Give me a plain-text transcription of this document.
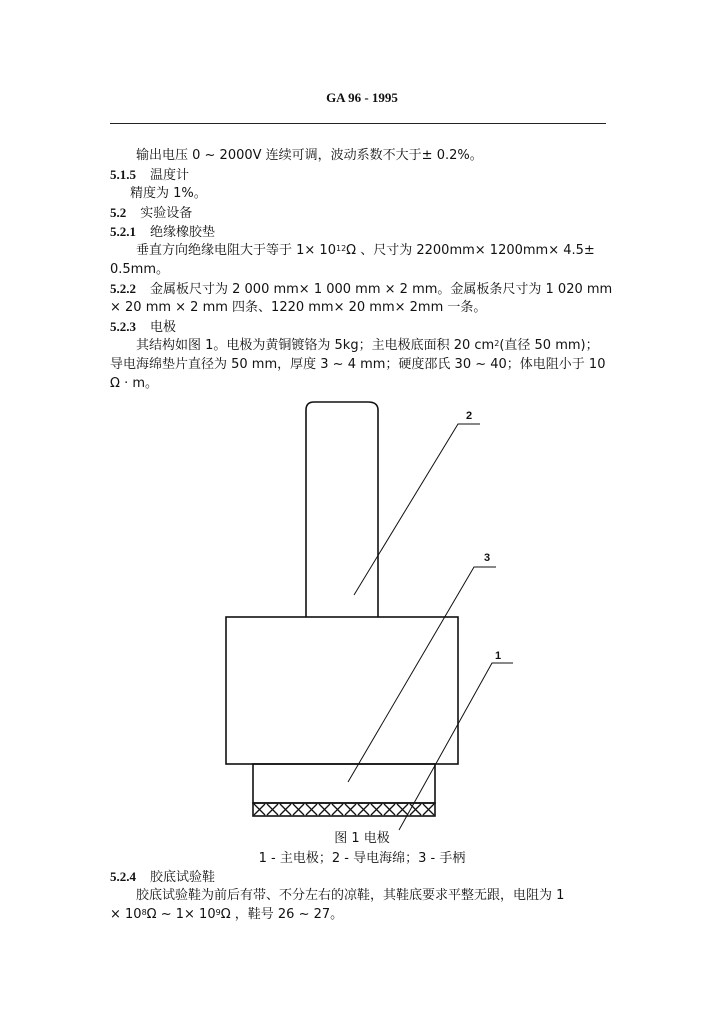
GA 96 - 1995
输出电压 0 ~ 2000V 连续可调，波动系数不大于± 0.2%。
5.1.5 温度计
精度为 1%。
5.2 实验设备
5.2.1 绝缘橡胶垫
垂直方向绝缘电阻大于等于 $1\times 10^{12}\Omega$ 、尺寸为 2200mm× 1200mm× 4.5±
0.5mm。
5.2.2 金属板尺寸为 2 000 mm× 1 000 mm × 2 mm。金属板条尺寸为 1 020 mm
× 20 mm × 2 mm 四条、1220 mm× 20 mm× 2mm 一条。
5.2.3 电极
其结构如图 1。电极为黄铜镀铬为 5kg；主电极底面积 20 $cm^2$(直径 50 mm)；
导电海绵垫片直径为 50 mm，厚度 3 ~ 4 mm；硬度邵氏 30 ~ 40；体电阻小于 10
Ω · m。
2
3
1
图 1 电极
1 - 主电极；2 - 导电海绵；3 - 手柄
5.2.4 胶底试验鞋
胶底试验鞋为前后有带、不分左右的凉鞋，其鞋底要求平整无跟，电阻为 1
× $10^8\Omega$ ~ $1\times 10^9\Omega$ ，鞋号 26 ~ 27。
